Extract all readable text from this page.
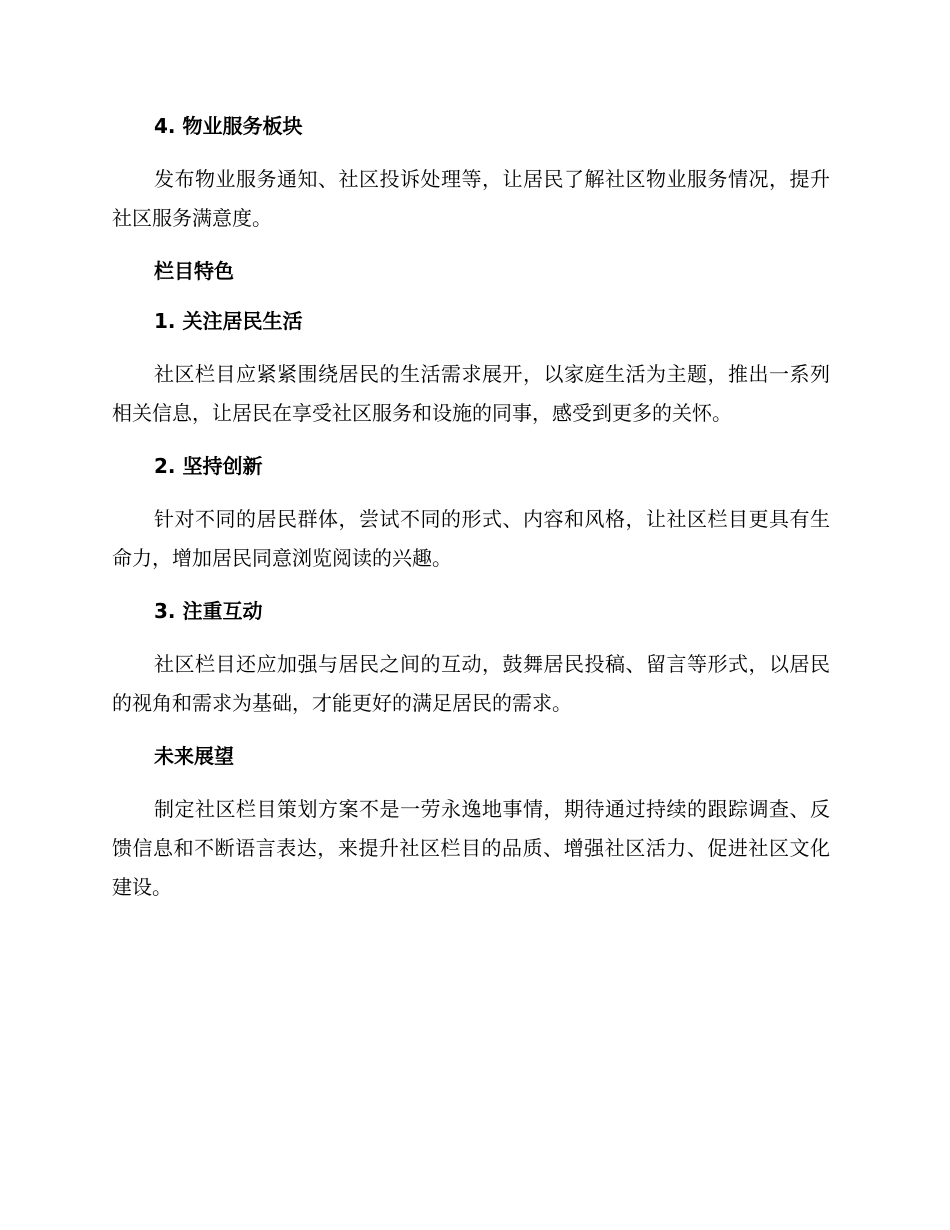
4. 物业服务板块

发布物业服务通知、社区投诉处理等，让居民了解社区物业服务情况，提升社区服务满意度。

栏目特色
1. 关注居民生活

社区栏目应紧紧围绕居民的生活需求展开，以家庭生活为主题，推出一系列相关信息，让居民在享受社区服务和设施的同事，感受到更多的关怀。

2. 坚持创新

针对不同的居民群体，尝试不同的形式、内容和风格，让社区栏目更具有生命力，增加居民同意浏览阅读的兴趣。

3. 注重互动

社区栏目还应加强与居民之间的互动，鼓舞居民投稿、留言等形式，以居民的视角和需求为基础，才能更好的满足居民的需求。

未来展望

制定社区栏目策划方案不是一劳永逸地事情，期待通过持续的跟踪调查、反馈信息和不断语言表达，来提升社区栏目的品质、增强社区活力、促进社区文化建设。
